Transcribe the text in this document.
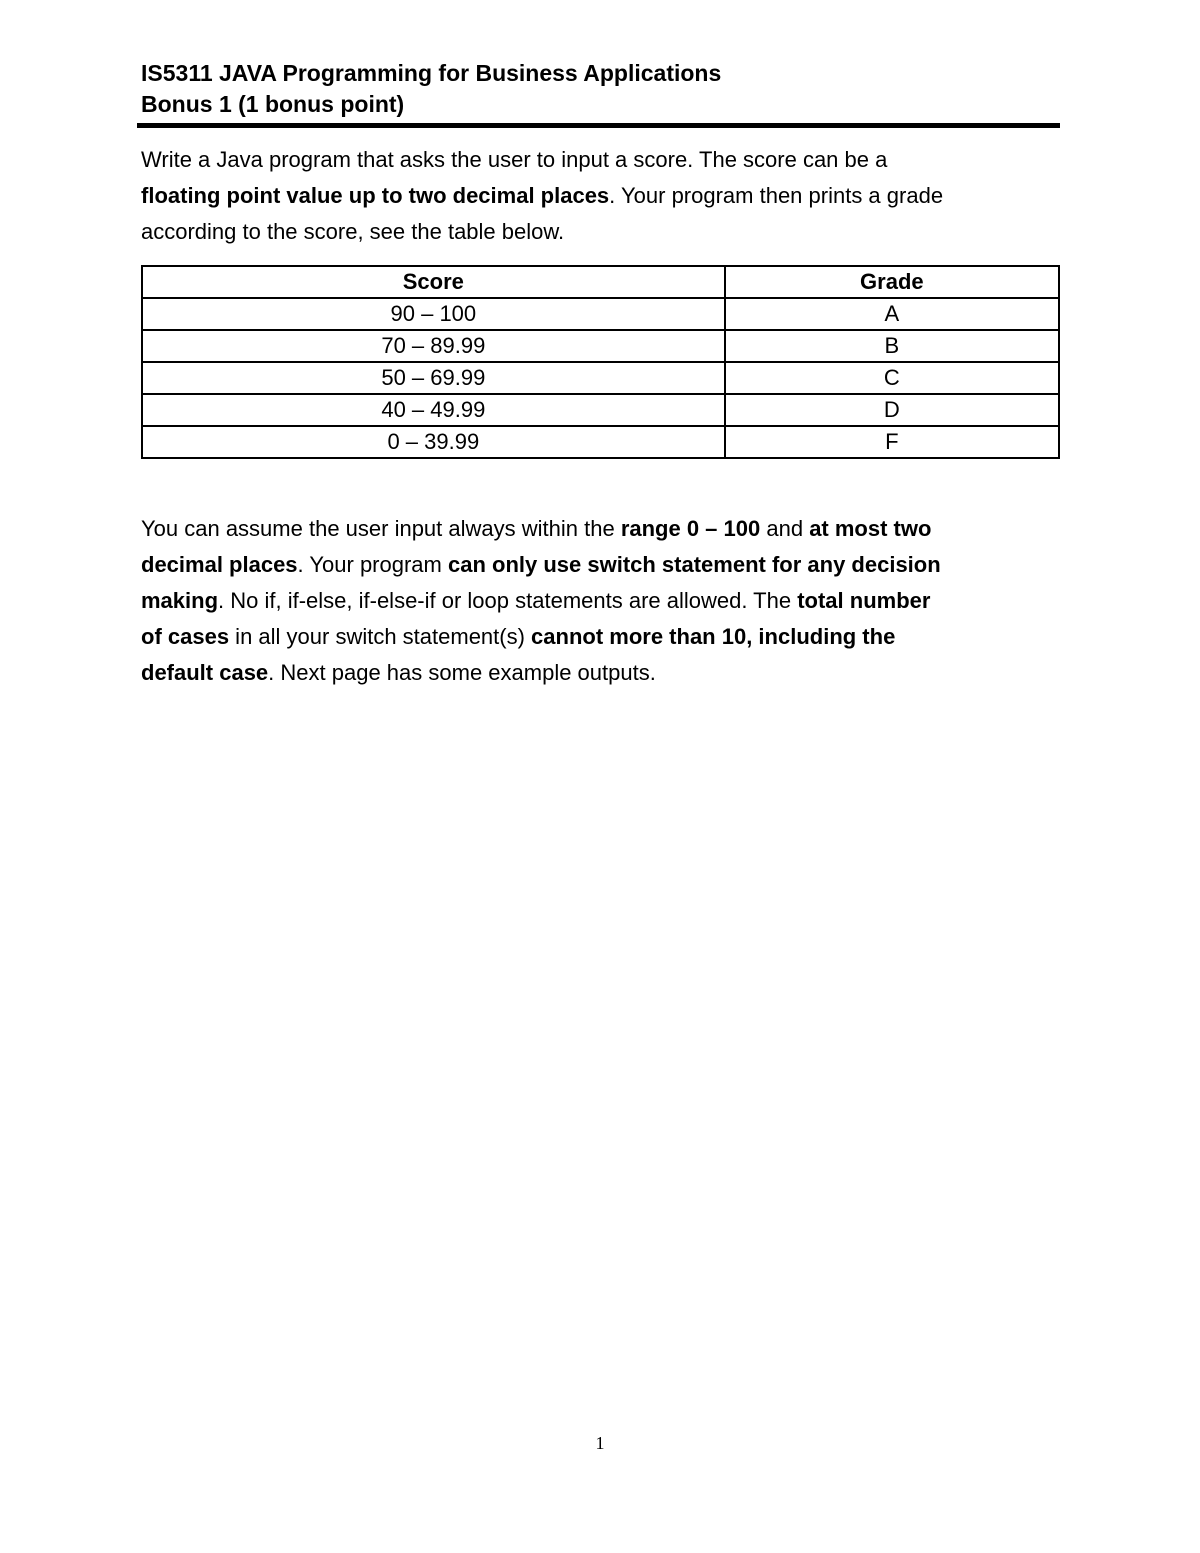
IS5311 JAVA Programming for Business Applications
Bonus 1 (1 bonus point)
Write a Java program that asks the user to input a score. The score can be a
floating point value up to two decimal places. Your program then prints a grade
according to the score, see the table below.
Score	Grade
90 – 100	A
70 – 89.99	B
50 – 69.99	C
40 – 49.99	D
0 – 39.99	F
You can assume the user input always within the range 0 – 100 and at most two
decimal places. Your program can only use switch statement for any decision
making. No if, if-else, if-else-if or loop statements are allowed. The total number
of cases in all your switch statement(s) cannot more than 10, including the
default case. Next page has some example outputs.
1
